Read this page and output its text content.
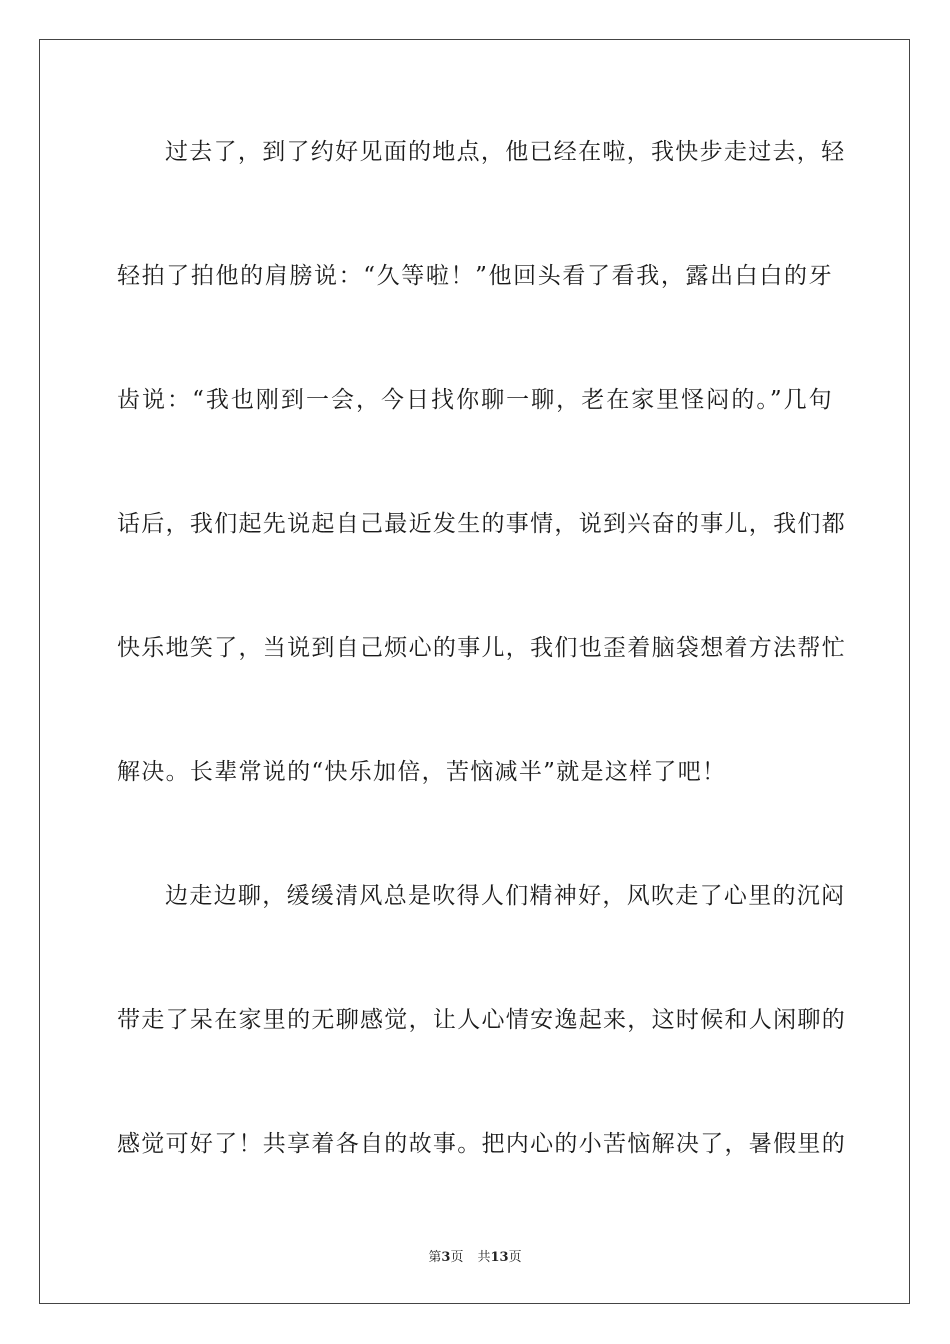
过去了，到了约好见面的地点，他已经在啦，我快步走过去，轻
轻拍了拍他的肩膀说：“久等啦！”他回头看了看我，露出白白的牙
齿说：“我也刚到一会，今日找你聊一聊，老在家里怪闷的。”几句
话后，我们起先说起自己最近发生的事情，说到兴奋的事儿，我们都
快乐地笑了，当说到自己烦心的事儿，我们也歪着脑袋想着方法帮忙
解决。长辈常说的“快乐加倍，苦恼减半”就是这样了吧！
边走边聊，缓缓清风总是吹得人们精神好，风吹走了心里的沉闷
带走了呆在家里的无聊感觉，让人心情安逸起来，这时候和人闲聊的
感觉可好了！共享着各自的故事。把内心的小苦恼解决了，暑假里的
第3页 共13页
